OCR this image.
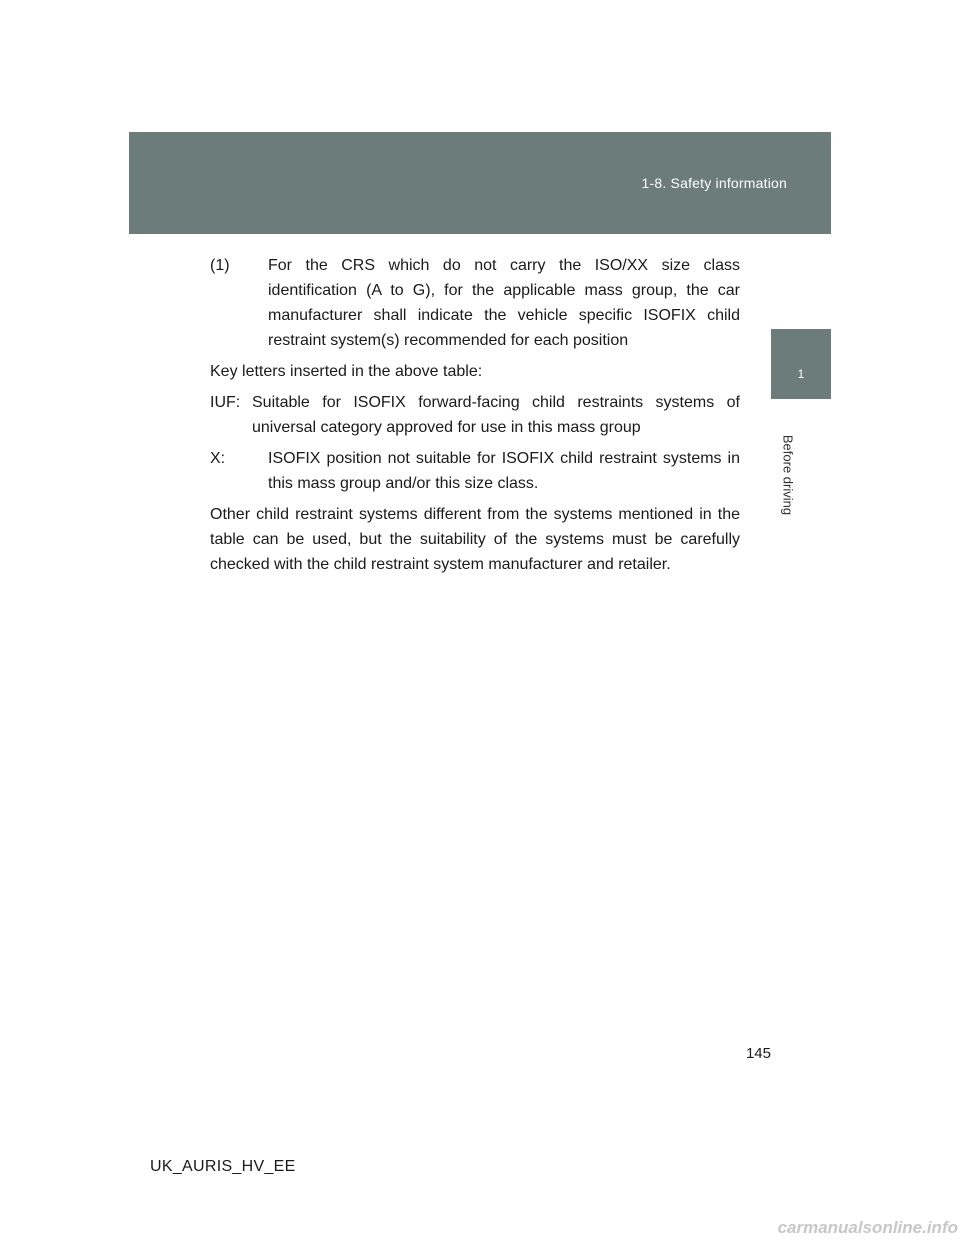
1-8. Safety information
1
Before driving
(1)	For the CRS which do not carry the ISO/XX size class identification (A to G), for the applicable mass group, the car manufacturer shall indicate the vehicle specific ISOFIX child restraint system(s) recommended for each position

Key letters inserted in the above table:

IUF: Suitable for ISOFIX forward-facing child restraints systems of universal category approved for use in this mass group
X:	ISOFIX position not suitable for ISOFIX child restraint systems in this mass group and/or this size class.

Other child restraint systems different from the systems mentioned in the table can be used, but the suitability of the systems must be carefully checked with the child restraint system manufacturer and retailer.

145
UK_AURIS_HV_EE
carmanualsonline.info
